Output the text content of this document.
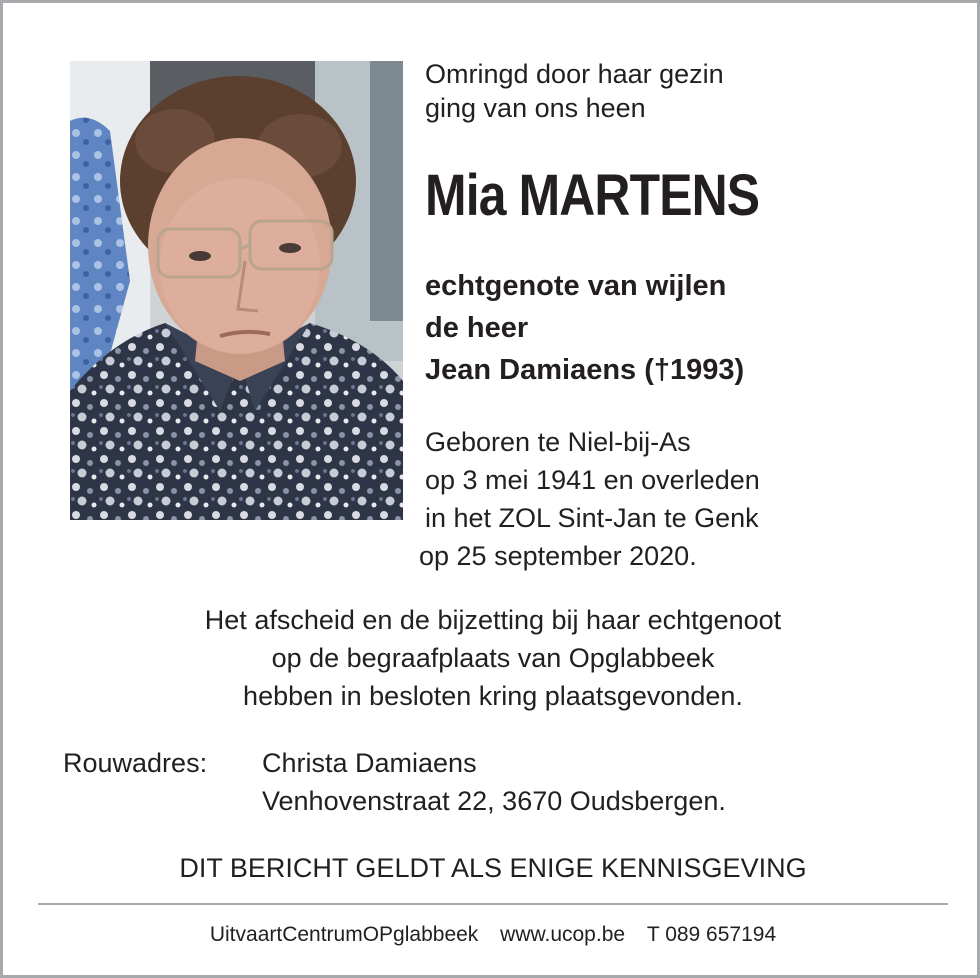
Omringd door haar gezin
ging van ons heen
Mia MARTENS
echtgenote van wijlen
de heer
Jean Damiaens (†1993)
Geboren te Niel-bij-As
op 3 mei 1941 en overleden
in het ZOL Sint-Jan te Genk
op 25 september 2020.
Het afscheid en de bijzetting bij haar echtgenoot
op de begraafplaats van Opglabbeek
hebben in besloten kring plaatsgevonden.
Rouwadres: Christa Damiaens
Venhovenstraat 22, 3670 Oudsbergen.
DIT BERICHT GELDT ALS ENIGE KENNISGEVING
UitvaartCentrumOPglabbeek www.ucop.be T 089 657194
